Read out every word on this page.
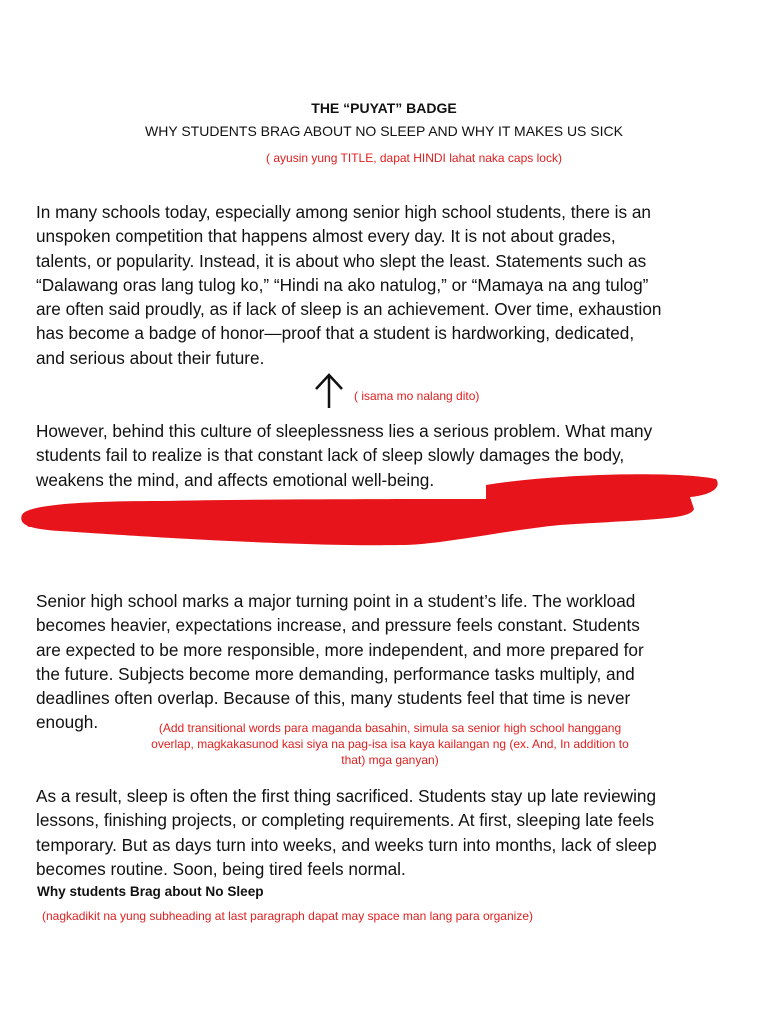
THE “PUYAT” BADGE
WHY STUDENTS BRAG ABOUT NO SLEEP AND WHY IT MAKES US SICK
( ayusin yung TITLE, dapat HINDI lahat naka caps lock)

In many schools today, especially among senior high school students, there is an

unspoken competition that happens almost every day. It is not about grades,

talents, or popularity. Instead, it is about who slept the least. Statements such as

“Dalawang oras lang tulog ko,” “Hindi na ako natulog,” or “Mamaya na ang tulog”

are often said proudly, as if lack of sleep is an achievement. Over time, exhaustion

has become a badge of honor—proof that a student is hardworking, dedicated,

and serious about their future.

( isama mo nalang dito)

However, behind this culture of sleeplessness lies a serious problem. What many

students fail to realize is that constant lack of sleep slowly damages the body,

weakens the mind, and affects emotional well-being.

Senior high school marks a major turning point in a student’s life. The workload

becomes heavier, expectations increase, and pressure feels constant. Students

are expected to be more responsible, more independent, and more prepared for

the future. Subjects become more demanding, performance tasks multiply, and

deadlines often overlap. Because of this, many students feel that time is never

enough.	(Add transitional words para maganda basahin, simula sa senior high school hanggang
overlap, magkakasunod kasi siya na pag-isa isa kaya kailangan ng (ex. And, In addition to
that) mga ganyan)

As a result, sleep is often the first thing sacrificed. Students stay up late reviewing

lessons, finishing projects, or completing requirements. At first, sleeping late feels

temporary. But as days turn into weeks, and weeks turn into months, lack of sleep

becomes routine. Soon, being tired feels normal.

Why students Brag about No Sleep
(nagkadikit na yung subheading at last paragraph dapat may space man lang para organize)
